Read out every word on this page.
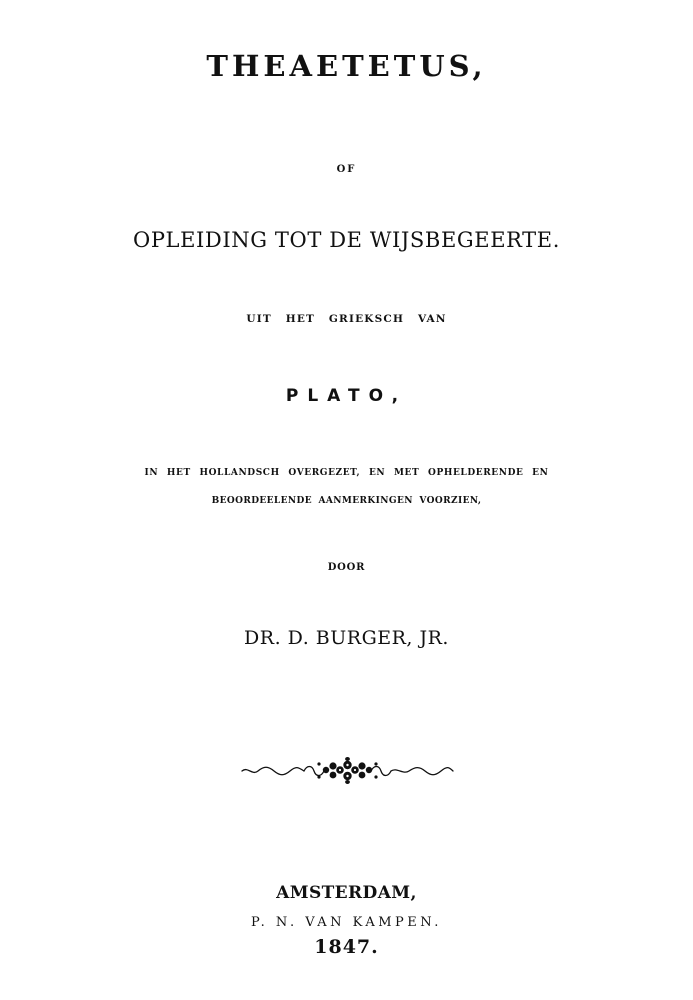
THEAETETUS,
OF
OPLEIDING TOT DE WIJSBEGEERTE.
UIT HET GRIEKSCH VAN
PLATO,
IN HET HOLLANDSCH OVERGEZET, EN MET OPHELDERENDE EN
BEOORDEELENDE AANMERKINGEN VOORZIEN,
DOOR
DR. D. BURGER, JR.
AMSTERDAM,
P. N. VAN KAMPEN.
1847.
